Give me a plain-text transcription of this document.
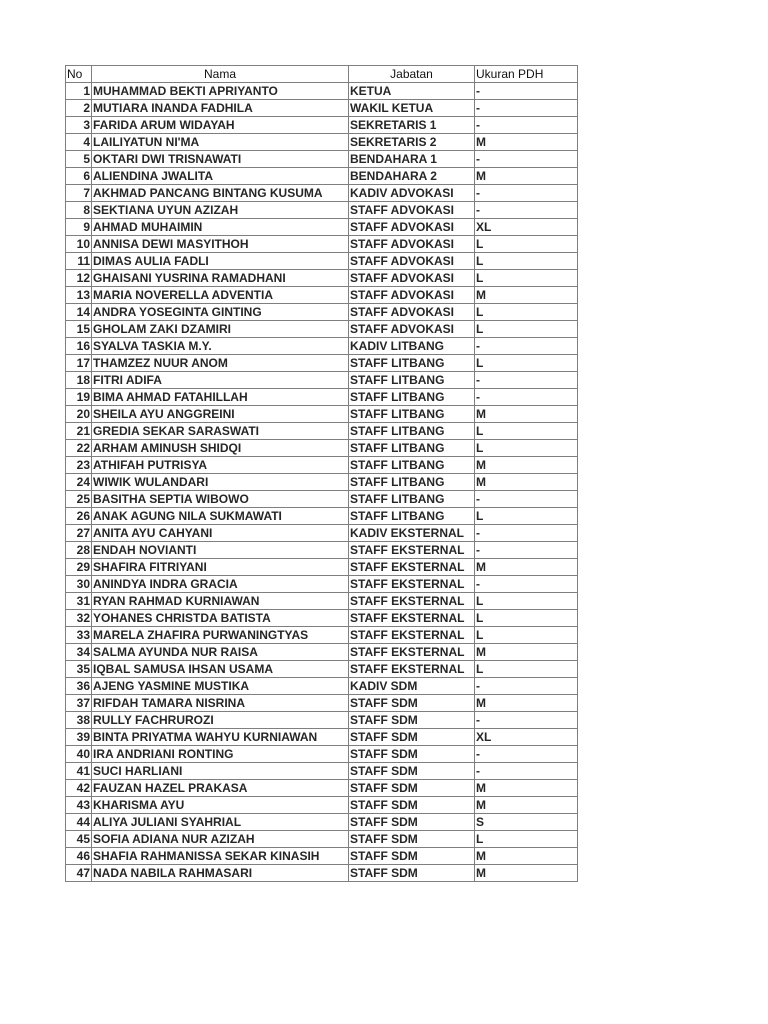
No	Nama	Jabatan	Ukuran PDH
1	MUHAMMAD BEKTI APRIYANTO	KETUA	-
2	MUTIARA INANDA FADHILA	WAKIL KETUA	-
3	FARIDA ARUM WIDAYAH	SEKRETARIS 1	-
4	LAILIYATUN NI'MA	SEKRETARIS 2	M
5	OKTARI DWI TRISNAWATI	BENDAHARA 1	-
6	ALIENDINA JWALITA	BENDAHARA 2	M
7	AKHMAD PANCANG BINTANG KUSUMA	KADIV ADVOKASI	-
8	SEKTIANA UYUN AZIZAH	STAFF ADVOKASI	-
9	AHMAD MUHAIMIN	STAFF ADVOKASI	XL
10	ANNISA DEWI MASYITHOH	STAFF ADVOKASI	L
11	DIMAS AULIA FADLI	STAFF ADVOKASI	L
12	GHAISANI YUSRINA RAMADHANI	STAFF ADVOKASI	L
13	MARIA NOVERELLA ADVENTIA	STAFF ADVOKASI	M
14	ANDRA YOSEGINTA GINTING	STAFF ADVOKASI	L
15	GHOLAM ZAKI DZAMIRI	STAFF ADVOKASI	L
16	SYALVA TASKIA M.Y.	KADIV LITBANG	-
17	THAMZEZ NUUR ANOM	STAFF LITBANG	L
18	FITRI ADIFA	STAFF LITBANG	-
19	BIMA AHMAD FATAHILLAH	STAFF LITBANG	-
20	SHEILA AYU ANGGREINI	STAFF LITBANG	M
21	GREDIA SEKAR SARASWATI	STAFF LITBANG	L
22	ARHAM AMINUSH SHIDQI	STAFF LITBANG	L
23	ATHIFAH PUTRISYA	STAFF LITBANG	M
24	WIWIK WULANDARI	STAFF LITBANG	M
25	BASITHA SEPTIA WIBOWO	STAFF LITBANG	-
26	ANAK AGUNG NILA SUKMAWATI	STAFF LITBANG	L
27	ANITA AYU CAHYANI	KADIV EKSTERNAL	-
28	ENDAH NOVIANTI	STAFF EKSTERNAL	-
29	SHAFIRA FITRIYANI	STAFF EKSTERNAL	M
30	ANINDYA INDRA GRACIA	STAFF EKSTERNAL	-
31	RYAN RAHMAD KURNIAWAN	STAFF EKSTERNAL	L
32	YOHANES CHRISTDA BATISTA	STAFF EKSTERNAL	L
33	MARELA ZHAFIRA PURWANINGTYAS	STAFF EKSTERNAL	L
34	SALMA AYUNDA NUR RAISA	STAFF EKSTERNAL	M
35	IQBAL SAMUSA IHSAN USAMA	STAFF EKSTERNAL	L
36	AJENG YASMINE MUSTIKA	KADIV SDM	-
37	RIFDAH TAMARA NISRINA	STAFF SDM	M
38	RULLY FACHRUROZI	STAFF SDM	-
39	BINTA PRIYATMA WAHYU KURNIAWAN	STAFF SDM	XL
40	IRA ANDRIANI RONTING	STAFF SDM	-
41	SUCI HARLIANI	STAFF SDM	-
42	FAUZAN HAZEL PRAKASA	STAFF SDM	M
43	KHARISMA AYU	STAFF SDM	M
44	ALIYA JULIANI SYAHRIAL	STAFF SDM	S
45	SOFIA ADIANA NUR AZIZAH	STAFF SDM	L
46	SHAFIA RAHMANISSA SEKAR KINASIH	STAFF SDM	M
47	NADA NABILA RAHMASARI	STAFF SDM	M
